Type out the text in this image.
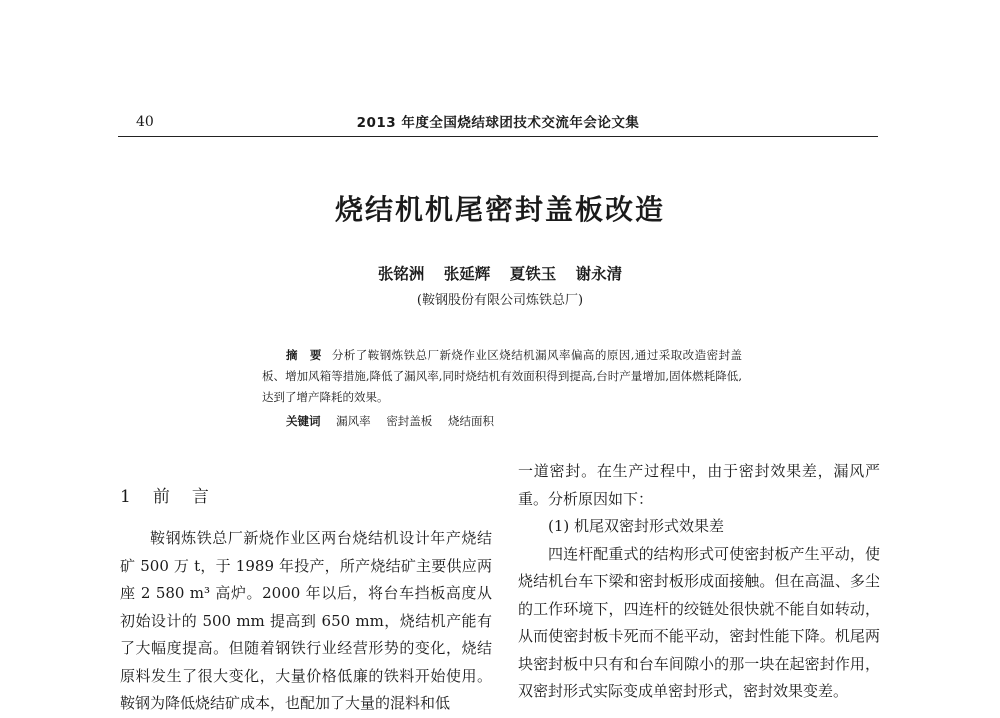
40	2013 年度全国烧结球团技术交流年会论文集
烧结机机尾密封盖板改造
张铭洲 张延辉 夏铁玉 谢永清
(鞍钢股份有限公司炼铁总厂)
摘　要 分析了鞍钢炼铁总厂新烧作业区烧结机漏风率偏高的原因,通过采取改造密封盖板、增加风箱等措施,降低了漏风率,同时烧结机有效面积得到提高,台时产量增加,固体燃耗降低,达到了增产降耗的效果。
关键词 漏风率 密封盖板 烧结面积
1 前言

鞍钢炼铁总厂新烧作业区两台烧结机设计年产烧结矿 500 万 t，于 1989 年投产，所产烧结矿主要供应两座 2 580 m³ 高炉。2000 年以后，将台车挡板高度从初始设计的 500 mm 提高到 650 mm，烧结机产能有了大幅度提高。但随着钢铁行业经营形势的变化，烧结原料发生了很大变化，大量价格低廉的铁料开始使用。鞍钢为降低烧结矿成本，也配加了大量的混料和低

一道密封。在生产过程中，由于密封效果差，漏风严重。分析原因如下：

(1) 机尾双密封形式效果差

四连杆配重式的结构形式可使密封板产生平动，使烧结机台车下梁和密封板形成面接触。但在高温、多尘的工作环境下，四连杆的绞链处很快就不能自如转动，从而使密封板卡死而不能平动，密封性能下降。机尾两块密封板中只有和台车间隙小的那一块在起密封作用，双密封形式实际变成单密封形式，密封效果变差。
